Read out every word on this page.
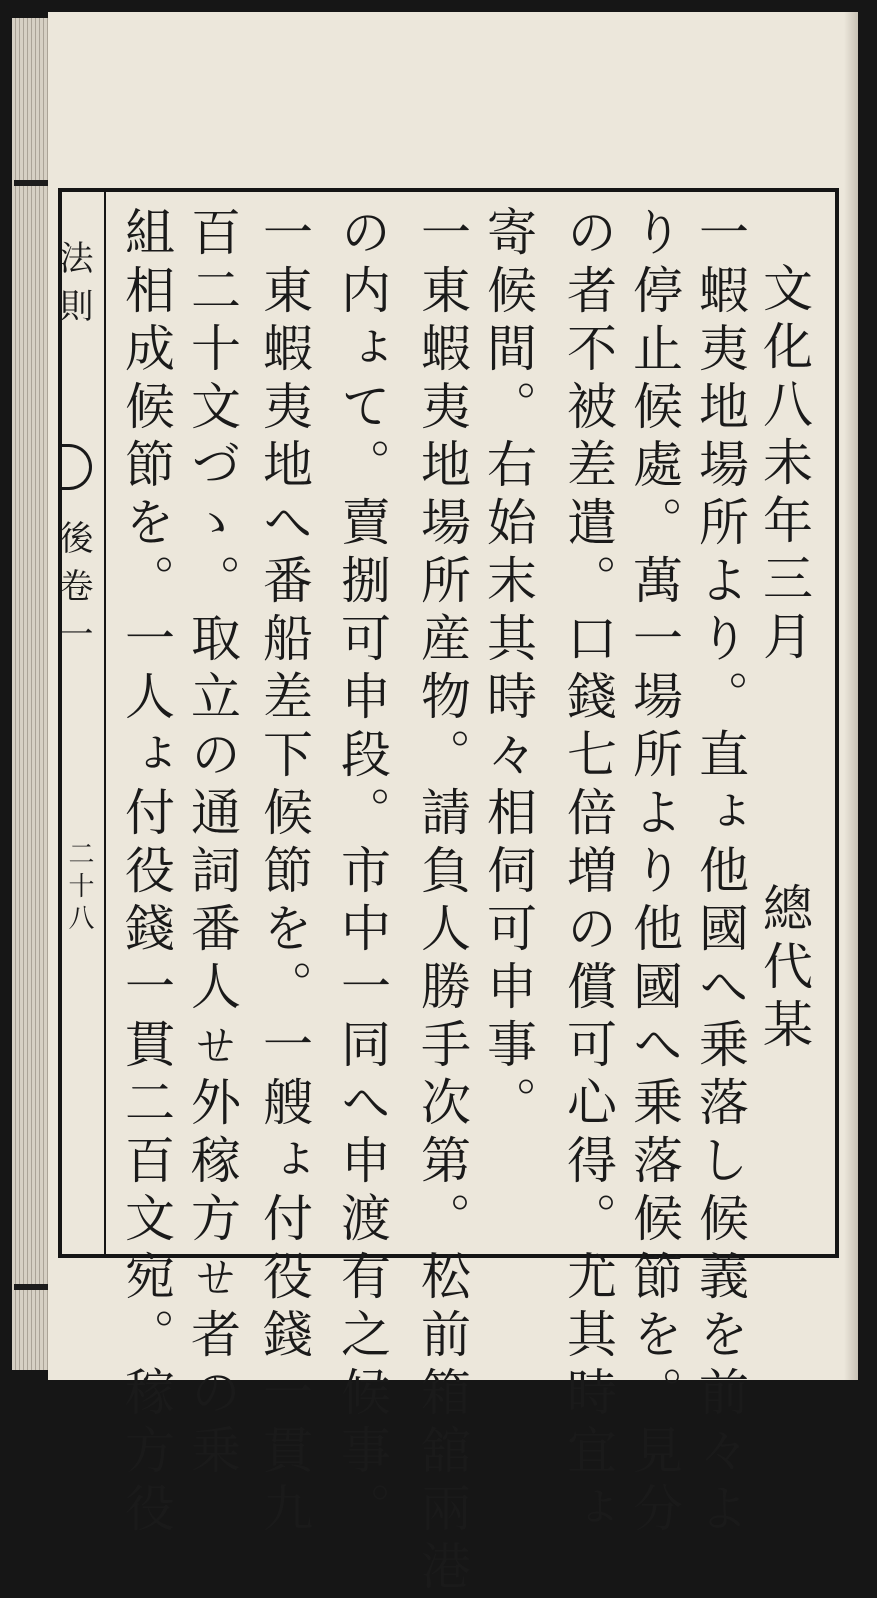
法則

後卷一

二十八

文化八未年三月

總代某

一蝦夷地場所より。直ょ他國へ乗落し候義を前々よ

り停止候處。萬一場所より他國へ乗落候節を。見分

の者不被差遣。口錢七倍増の償可心得。尤其時宜ょ

寄候間。右始末其時々相伺可申事。

一東蝦夷地場所産物。請負人勝手次第。松前箱舘兩港

の内ょて。賣捌可申段。市中一同へ申渡有之候事。

一東蝦夷地へ番船差下候節を。一艘ょ付役錢一貫九

百二十文づゝ。取立の通詞番人ㄝ外稼方ㄝ者の乗

組相成候節を。一人ょ付役錢一貫二百文宛。稼方役
